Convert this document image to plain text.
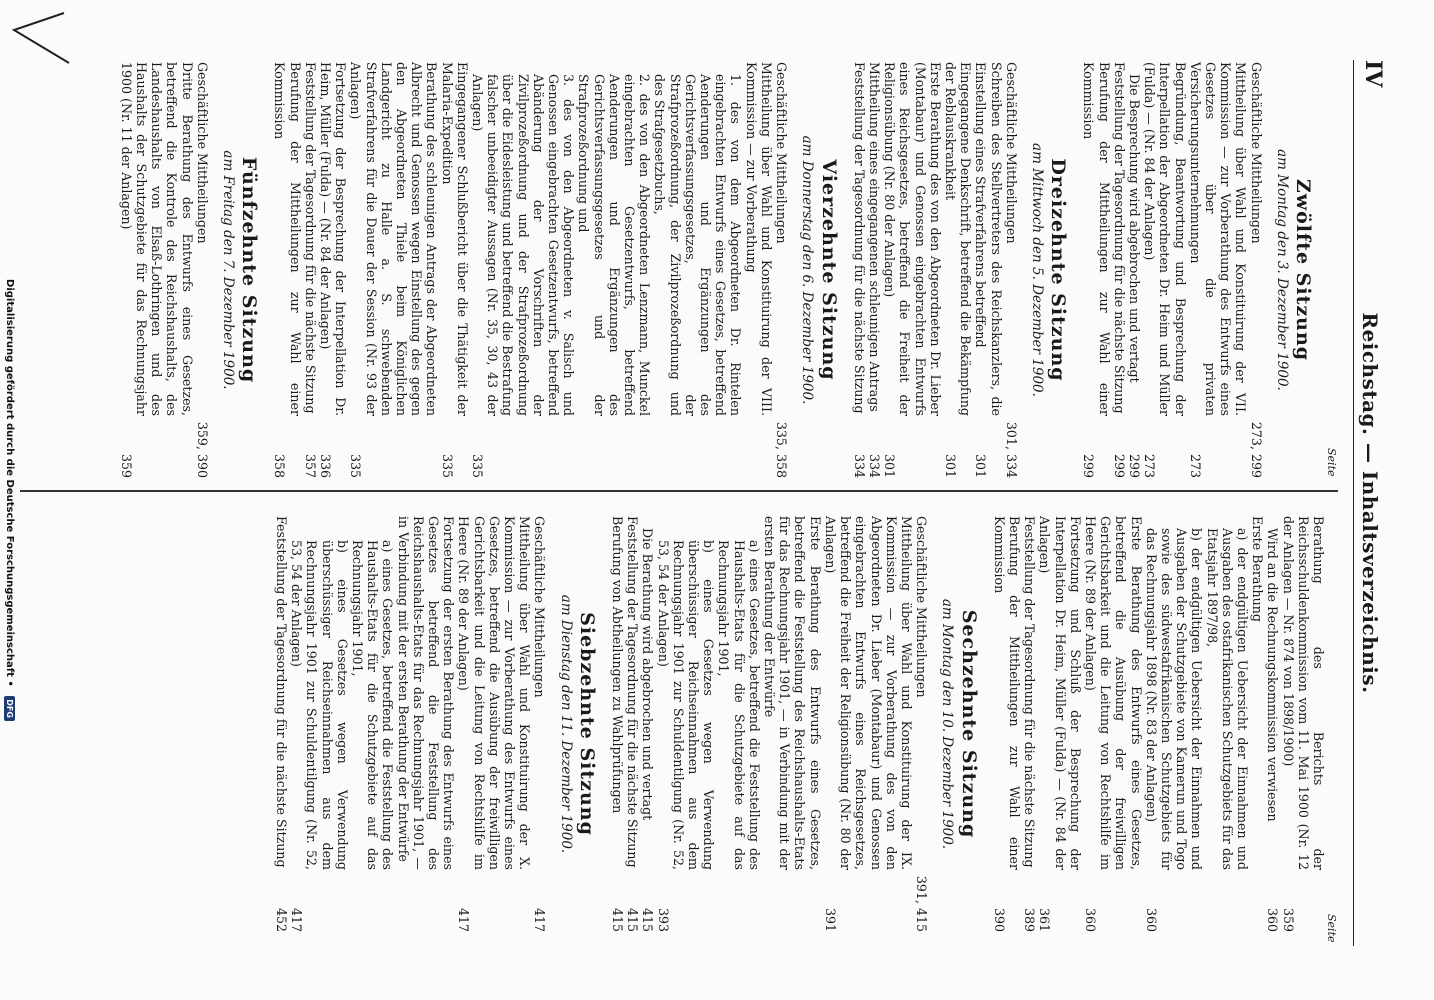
IV
Reichstag. — Inhaltsverzeichnis.
Seite
Seite
Zwölfte Sitzung
am Montag den 3. Dezember 1900.
Geschäftliche Mittheilungen
273, 299
Mittheilung über Wahl und Konstituirung der VII. Kommission — zur Vorberathung des Entwurfs eines Gesetzes über die privaten Versicherungsunternehmungen
273
Begründung, Beantwortung und Besprechung der Interpellation der Abgeordneten Dr. Heim und Müller (Fulda) — (Nr. 84 der Anlagen)
273
Die Besprechung wird abgebrochen und vertagt
299
Feststellung der Tagesordnung für die nächste Sitzung
299
Berufung der Mittheilungen zur Wahl einer Kommission
299
Dreizehnte Sitzung
am Mittwoch den 5. Dezember 1900.
Geschäftliche Mittheilungen
301, 334
Schreiben des Stellvertreters des Reichskanzlers, die Einstellung eines Strafverfahrens betreffend
301
Eingegangene Denkschrift, betreffend die Bekämpfung der Reblauskrankheit
301
Erste Berathung des von den Abgeordneten Dr. Lieber (Montabaur) und Genossen eingebrachten Entwurfs eines Reichsgesetzes, betreffend die Freiheit der Religionsübung (Nr. 80 der Anlagen)
301
Mittheilung eines eingegangenen schleunigen Antrags
334
Feststellung der Tagesordnung für die nächste Sitzung
334
Vierzehnte Sitzung
am Donnerstag den 6. Dezember 1900.
Geschäftliche Mittheilungen
335, 358
Mittheilung über Wahl und Konstituirung der VIII. Kommission — zur Vorberathung
1. des von dem Abgeordneten Dr. Rintelen eingebrachten Entwurfs eines Gesetzes, betreffend Aenderungen und Ergänzungen des Gerichtsverfassungsgesetzes, der Strafprozeßordnung, der Zivilprozeßordnung und des Strafgesetzbuchs,
2. des von den Abgeordneten Lenzmann, Munckel eingebrachten Gesetzentwurfs, betreffend Aenderungen und Ergänzungen des Gerichtsverfassungsgesetzes und der Strafprozeßordnung und
3. des von den Abgeordneten v. Salisch und Genossen eingebrachten Gesetzentwurfs, betreffend Abänderung der Vorschriften der Zivilprozeßordnung und der Strafprozeßordnung über die Eidesleistung und betreffend die Bestrafung falscher unbeeidigter Aussagen (Nr. 35, 30, 43 der Anlagen)
335
Eingegangener Schlußbericht über die Thätigkeit der Malaria-Expedition
335
Berathung des schleunigen Antrags der Abgeordneten Albrecht und Genossen wegen Einstellung des gegen den Abgeordneten Thiele beim Königlichen Landgericht zu Halle a. S. schwebenden Strafverfahrens für die Dauer der Session (Nr. 93 der Anlagen)
335
Fortsetzung der Besprechung der Interpellation Dr. Heim, Müller (Fulda) — (Nr. 84 der Anlagen)
336
Feststellung der Tagesordnung für die nächste Sitzung
357
Berufung der Mittheilungen zur Wahl einer Kommission
358
Fünfzehnte Sitzung
am Freitag den 7. Dezember 1900.
Geschäftliche Mittheilungen
359, 390
Dritte Berathung des Entwurfs eines Gesetzes, betreffend die Kontrole des Reichshaushalts, des Landeshaushalts von Elsaß-Lothringen und des Haushalts der Schutzgebiete für das Rechnungsjahr 1900 (Nr. 11 der Anlagen)
359
Berathung des Berichts der Reichsschuldenkommission vom 11. Mai 1900 (Nr. 12 der Anlagen — Nr. 874 von 1898/1900)
359
Wird an die Rechnungskommission verwiesen
360
Erste Berathung
a) der endgültigen Uebersicht der Einnahmen und Ausgaben des ostafrikanischen Schutzgebiets für das Etatsjahr 1897/98,
b) der endgültigen Uebersicht der Einnahmen und Ausgaben der Schutzgebiete von Kamerun und Togo sowie des südwestafrikanischen Schutzgebiets für das Rechnungsjahr 1898 (Nr. 83 der Anlagen)
360
Erste Berathung des Entwurfs eines Gesetzes, betreffend die Ausübung der freiwilligen Gerichtsbarkeit und die Leitung von Rechtshilfe im Heere (Nr. 89 der Anlagen)
360
Fortsetzung und Schluß der Besprechung der Interpellation Dr. Heim, Müller (Fulda) — (Nr. 84 der Anlagen)
361
Feststellung der Tagesordnung für die nächste Sitzung
389
Berufung der Mittheilungen zur Wahl einer Kommission
390
Sechzehnte Sitzung
am Montag den 10. Dezember 1900.
Geschäftliche Mittheilungen
391, 415
Mittheilung über Wahl und Konstituirung der IX. Kommission — zur Vorberathung des von den Abgeordneten Dr. Lieber (Montabaur) und Genossen eingebrachten Entwurfs eines Reichsgesetzes, betreffend die Freiheit der Religionsübung (Nr. 80 der Anlagen)
391
Erste Berathung des Entwurfs eines Gesetzes, betreffend die Feststellung des Reichshaushalts-Etats für das Rechnungsjahr 1901, — in Verbindung mit der ersten Berathung der Entwürfe
a) eines Gesetzes, betreffend die Feststellung des Haushalts-Etats für die Schutzgebiete auf das Rechnungsjahr 1901,
b) eines Gesetzes wegen Verwendung überschüssiger Reichseinnahmen aus dem Rechnungsjahr 1901 zur Schuldentilgung (Nr. 52, 53, 54 der Anlagen)
393
Die Berathung wird abgebrochen und vertagt
415
Feststellung der Tagesordnung für die nächste Sitzung
415
Berufung von Abtheilungen zu Wahlprüfungen
415
Siebzehnte Sitzung
am Dienstag den 11. Dezember 1900.
Geschäftliche Mittheilungen
417
Mittheilung über Wahl und Konstituirung der X. Kommission — zur Vorberathung des Entwurfs eines Gesetzes, betreffend die Ausübung der freiwilligen Gerichtsbarkeit und die Leitung von Rechtshilfe im Heere (Nr. 89 der Anlagen)
417
Fortsetzung der ersten Berathung des Entwurfs eines Gesetzes betreffend die Feststellung des Reichshaushalts-Etats für das Rechnungsjahr 1901, — in Verbindung mit der ersten Berathung der Entwürfe
a) eines Gesetzes, betreffend die Feststellung des Haushalts-Etats für die Schutzgebiete auf das Rechnungsjahr 1901,
b) eines Gesetzes wegen Verwendung überschüssiger Reichseinnahmen aus dem Rechnungsjahr 1901 zur Schuldentilgung (Nr. 52, 53, 54 der Anlagen)
417
Feststellung der Tagesordnung für die nächste Sitzung
452
Digitalisierung gefördert durch die Deutsche Forschungsgemeinschaft • DFG
